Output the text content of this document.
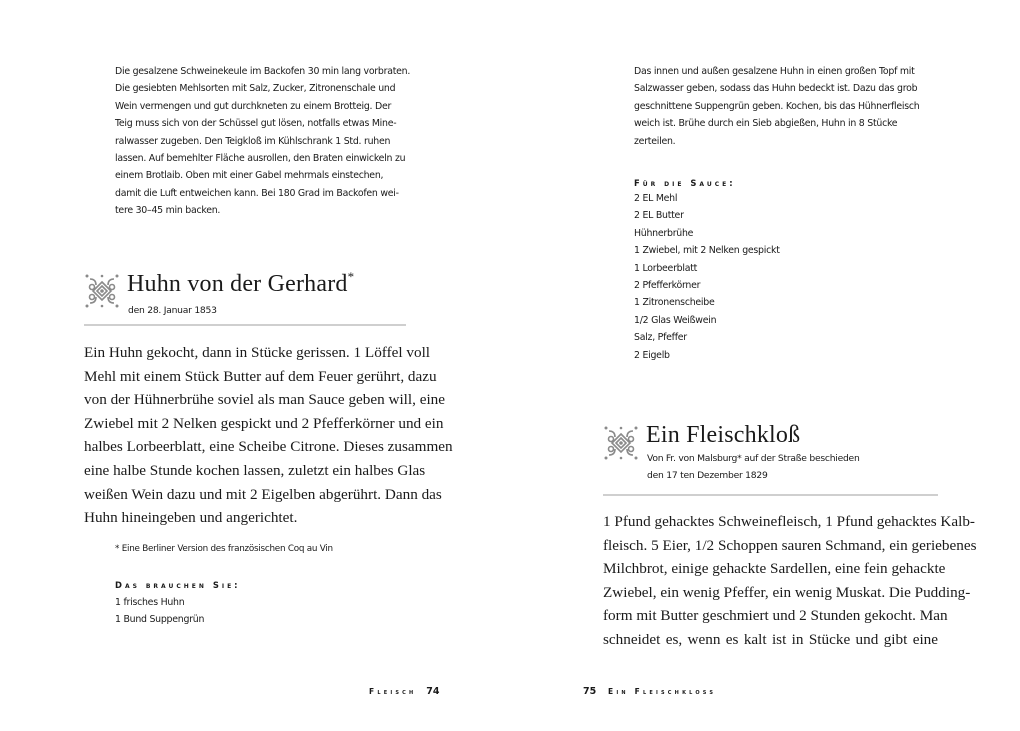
Die gesalzene Schweinekeule im Backofen 30 min lang vorbraten.
Die gesiebten Mehlsorten mit Salz, Zucker, Zitronenschale und
Wein vermengen und gut durchkneten zu einem Brotteig. Der
Teig muss sich von der Schüssel gut lösen, notfalls etwas Mine-
ralwasser zugeben. Den Teigkloß im Kühlschrank 1 Std. ruhen
lassen. Auf bemehlter Fläche ausrollen, den Braten einwickeln zu
einem Brotlaib. Oben mit einer Gabel mehrmals einstechen,
damit die Luft entweichen kann. Bei 180 Grad im Backofen wei-
tere 30–45 min backen.
Huhn von der Gerhard*
den 28. Januar 1853
Ein Huhn gekocht, dann in Stücke gerissen. 1 Löffel voll
Mehl mit einem Stück Butter auf dem Feuer gerührt, dazu
von der Hühnerbrühe soviel als man Sauce geben will, eine
Zwiebel mit 2 Nelken gespickt und 2 Pfefferkörner und ein
halbes Lorbeerblatt, eine Scheibe Citrone. Dieses zusammen
eine halbe Stunde kochen lassen, zuletzt ein halbes Glas
weißen Wein dazu und mit 2 Eigelben abgerührt. Dann das
Huhn hineingeben und angerichtet.
* Eine Berliner Version des französischen Coq au Vin
Das brauchen Sie:
1 frisches Huhn
1 Bund Suppengrün
Fleisch 74
Das innen und außen gesalzene Huhn in einen großen Topf mit
Salzwasser geben, sodass das Huhn bedeckt ist. Dazu das grob
geschnittene Suppengrün geben. Kochen, bis das Hühnerfleisch
weich ist. Brühe durch ein Sieb abgießen, Huhn in 8 Stücke
zerteilen.
Für die Sauce:
2 EL Mehl
2 EL Butter
Hühnerbrühe
1 Zwiebel, mit 2 Nelken gespickt
1 Lorbeerblatt
2 Pfefferkörner
1 Zitronenscheibe
1/2 Glas Weißwein
Salz, Pfeffer
2 Eigelb
Ein Fleischkloß
Von Fr. von Malsburg* auf der Straße beschieden
den 17 ten Dezember 1829
1 Pfund gehacktes Schweinefleisch, 1 Pfund gehacktes Kalb-
fleisch. 5 Eier, 1/2 Schoppen sauren Schmand, ein geriebenes
Milchbrot, einige gehackte Sardellen, eine fein gehackte
Zwiebel, ein wenig Pfeffer, ein wenig Muskat. Die Pudding-
form mit Butter geschmiert und 2 Stunden gekocht. Man
schneidet es, wenn es kalt ist in Stücke und gibt eine
75 Ein Fleischkloss
